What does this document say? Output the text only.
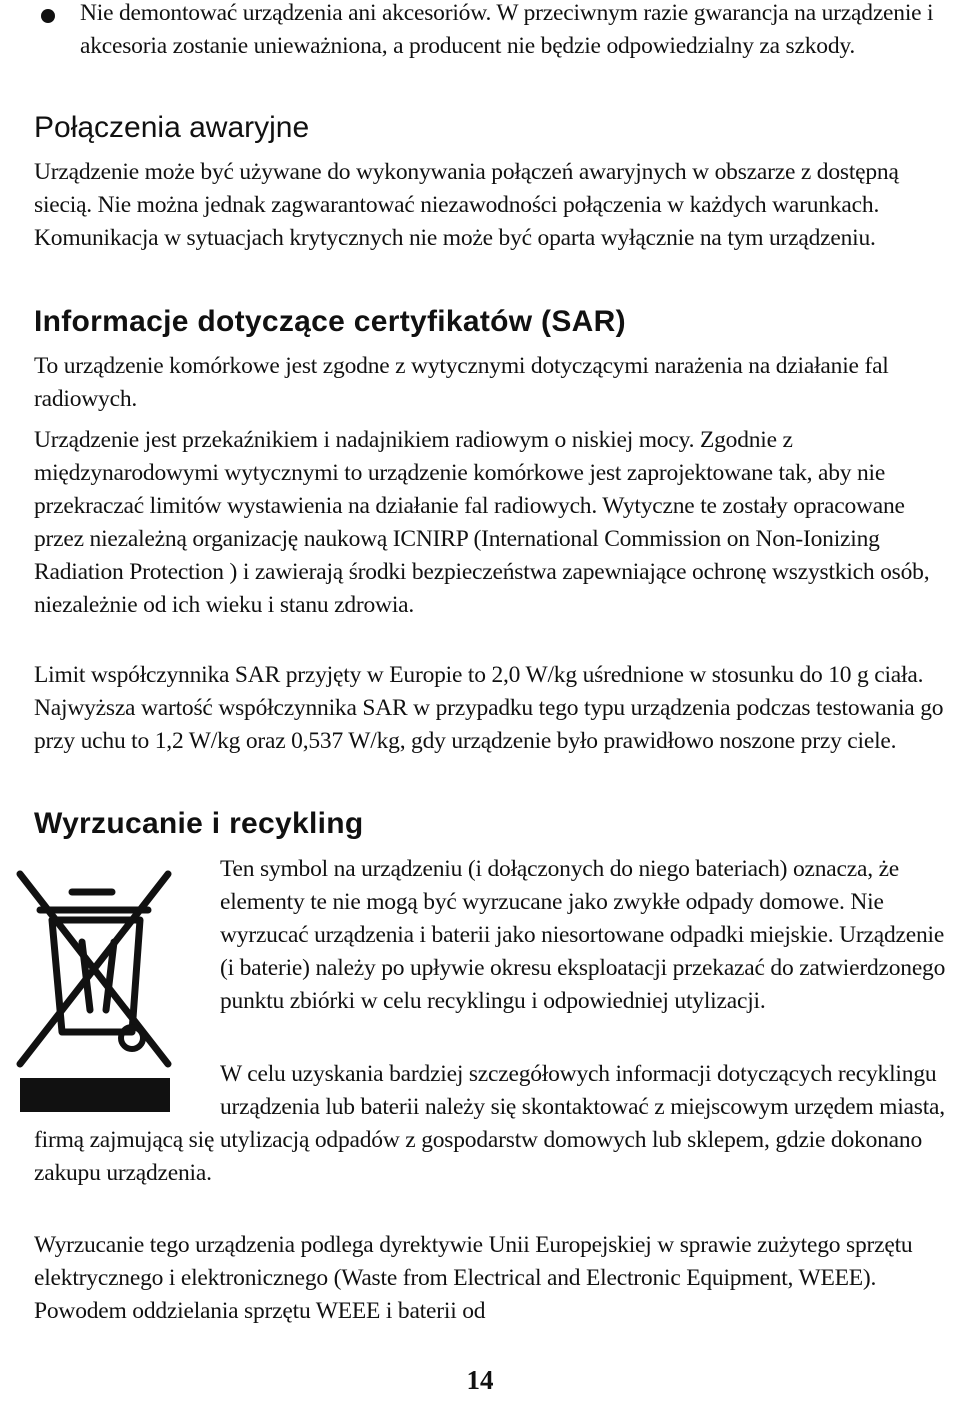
Nie demontować urządzenia ani akcesoriów. W przeciwnym razie gwarancja na urządzenie i akcesoria zostanie unieważniona, a producent nie będzie odpowiedzialny za szkody.
Połączenia awaryjne

Urządzenie może być używane do wykonywania połączeń awaryjnych w obszarze z dostępną siecią. Nie można jednak zagwarantować niezawodności połączenia w każdych warunkach. Komunikacja w sytuacjach krytycznych nie może być oparta wyłącznie na tym urządzeniu.

Informacje dotyczące certyfikatów (SAR)

To urządzenie komórkowe jest zgodne z wytycznymi dotyczącymi narażenia na działanie fal radiowych.

Urządzenie jest przekaźnikiem i nadajnikiem radiowym o niskiej mocy. Zgodnie z międzynarodowymi wytycznymi to urządzenie komórkowe jest zaprojektowane tak, aby nie przekraczać limitów wystawienia na działanie fal radiowych. Wytyczne te zostały opracowane przez niezależną organizację naukową ICNIRP (International Commission on Non-Ionizing Radiation Protection ) i zawierają środki bezpieczeństwa zapewniające ochronę wszystkich osób, niezależnie od ich wieku i stanu zdrowia.

Limit współczynnika SAR przyjęty w Europie to 2,0 W/kg uśrednione w stosunku do 10 g ciała. Najwyższa wartość współczynnika SAR w przypadku tego typu urządzenia podczas testowania go przy uchu to 1,2 W/kg oraz 0,537 W/kg, gdy urządzenie było prawidłowo noszone przy ciele.

Wyrzucanie i recykling
Ten symbol na urządzeniu (i dołączonych do niego bateriach) oznacza, że elementy te nie mogą być wyrzucane jako zwykłe odpady domowe. Nie wyrzucać urządzenia i baterii jako niesortowane odpadki miejskie. Urządzenie (i baterie) należy po upływie okresu eksploatacji przekazać do zatwierdzonego punktu zbiórki w celu recyklingu i odpowiedniej utylizacji.
W celu uzyskania bardziej szczegółowych informacji dotyczących recyklingu urządzenia lub baterii należy się skontaktować z miejscowym urzędem miasta, firmą zajmującą się utylizacją odpadów z gospodarstw domowych lub sklepem, gdzie dokonano zakupu urządzenia.

Wyrzucanie tego urządzenia podlega dyrektywie Unii Europejskiej w sprawie zużytego sprzętu elektrycznego i elektronicznego (Waste from Electrical and Electronic Equipment, WEEE). Powodem oddzielania sprzętu WEEE i baterii od

14
